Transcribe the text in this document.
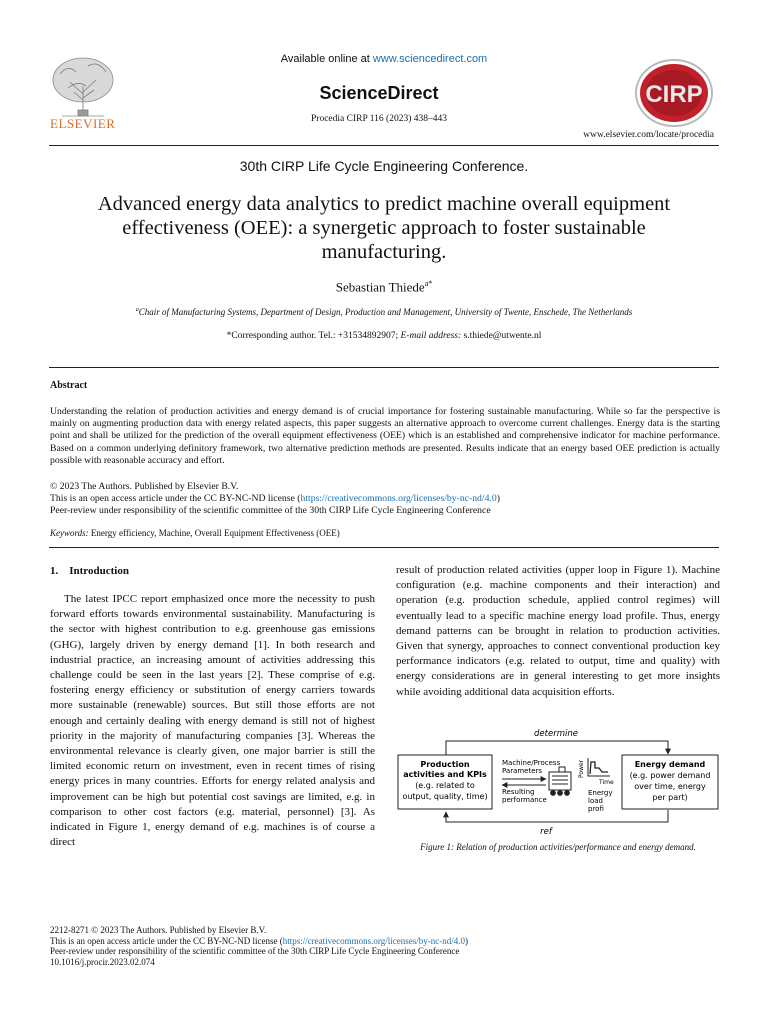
ELSEVIER
Available online at www.sciencedirect.com
ScienceDirect
Procedia CIRP 116 (2023) 438–443
CIRP
www.elsevier.com/locate/procedia
30th CIRP Life Cycle Engineering Conference.
Advanced energy data analytics to predict machine overall equipment
effectiveness (OEE): a synergetic approach to foster sustainable
manufacturing.
Sebastian Thiede$^{a*}$
$^a$Chair of Manufacturing Systems, Department of Design, Production and Management, University of Twente, Enschede, The Netherlands
*Corresponding author. Tel.: +31534892907; E-mail address: s.thiede@utwente.nl
Abstract
Understanding the relation of production activities and energy demand is of crucial importance for fostering sustainable manufacturing. While so far the perspective is mainly on augmenting production data with energy related aspects, this paper suggests an alternative approach to overcome current challenges. Energy data is the starting point and shall be utilized for the prediction of the overall equipment effectiveness (OEE) which is an established and comprehensive indicator for machine performance. Based on a common underlying definitory framework, two alternative prediction methods are presented. Results indicate that an energy based OEE prediction is actually possible with reasonable accuracy and effort.
© 2023 The Authors. Published by Elsevier B.V.
This is an open access article under the CC BY-NC-ND license (https://creativecommons.org/licenses/by-nc-nd/4.0)
Peer-review under responsibility of the scientific committee of the 30th CIRP Life Cycle Engineering Conference
Keywords: Energy efficiency, Machine, Overall Equipment Effectiveness (OEE)
1.    Introduction
The latest IPCC report emphasized once more the necessity to push forward efforts towards environmental sustainability. Manufacturing is the sector with highest contribution to e.g. greenhouse gas emissions (GHG), largely driven by energy demand [1]. In both research and industrial practice, an increasing amount of activities addressing this challenge could be seen in the last years [2]. These comprise of e.g. fostering energy efficiency or substitution of energy carriers towards more sustainable (renewable) sources. But still those efforts are not enough and certainly dealing with energy demand is still not of highest priority in the majority of manufacturing companies [3]. Whereas the environmental relevance is clearly given, one major barrier is still the limited economic return on investment, even in recent times of rising energy prices in many countries. Efforts for energy related analysis and improvement can be high but potential cost savings are limited, e.g. in comparison to other cost factors (e.g. material, personnel) [3]. As indicated in Figure 1, energy demand of e.g. machines is of course a direct
result of production related activities (upper loop in Figure 1). Machine configuration (e.g. machine components and their interaction) and operation (e.g. production schedule, applied control regimes) will eventually lead to a specific machine energy load profile. Thus, energy demand patterns can be brought in relation to production activities. Given that synergy, approaches to connect conventional production key performance indicators (e.g. related to output, time and quality) with energy considerations are in general interesting to get more insights while avoiding additional data acquisition efforts.
determine
Production
activities and KPIs
(e.g. related to
output, quality, time)
Machine/Process
Parameters
Resulting
performance
Power
Time
Energy
load
profi
Energy demand
(e.g. power demand
over time, energy
per part)
ref
Figure 1: Relation of production activities/performance and energy demand.
2212-8271 © 2023 The Authors. Published by Elsevier B.V.
This is an open access article under the CC BY-NC-ND license (https://creativecommons.org/licenses/by-nc-nd/4.0)
Peer-review under responsibility of the scientific committee of the 30th CIRP Life Cycle Engineering Conference
10.1016/j.procir.2023.02.074
